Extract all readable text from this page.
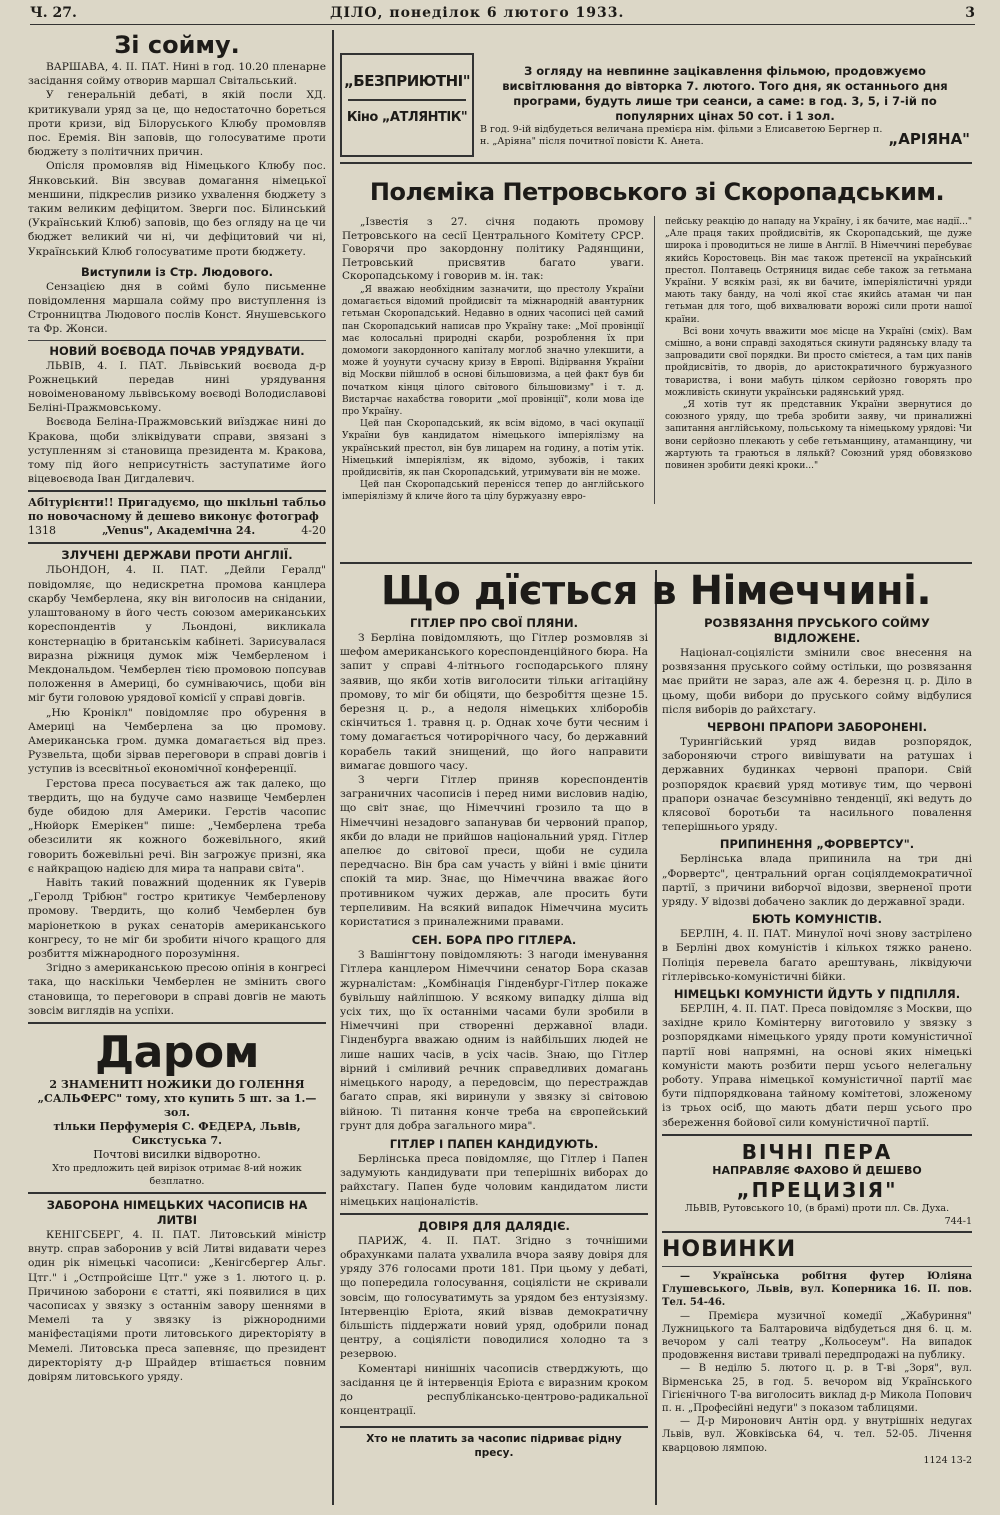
Ч. 27.	ДІЛО, понеділок 6 лютого 1933.	3

Зі сойму.

ВАРШАВА, 4. II. ПАТ. Нині в год. 10.20 пленарне засідання сойму отворив маршал Світальський.

У генеральній дебаті, в якій посли ХД. критикували уряд за це, що недостаточно бореться проти кризи, від Білоруського Клюбу промовляв пос. Еремія. Він заповів, що голосуватиме проти бюджету з політичних причин.

Опісля промовляв від Німецького Клюбу пос. Янковський. Він звсував домагання німецької меншини, підкреслив ризико ухвалення бюджету з таким великим дефіцитом. Зверги пос. Білинський (Український Клюб) заповів, що без огляду на це чи бюджет великий чи ні, чи дефіцитовий чи ні, Український Клюб голосуватиме проти бюджету.

Виступили із Стр. Людового.

Сензацією дня в соймі було письменне повідомлення маршала сойму про виступлення із Стронництва Людового послів Конст. Янушевського та Фр. Жонси.

НОВИЙ ВОЄВОДА ПОЧАВ УРЯДУВАТИ.

ЛЬВІВ, 4. І. ПАТ. Львівський воєвода д-р Рожнецький передав нині урядування новоіменованому львівському воєводі Володиславові Беліні-Пражмовському.

Воєвода Беліна-Пражмовський виїзджає нині до Кракова, щоби зліквідувати справи, звязані з уступленням зі становища президента м. Кракова, тому під його неприсутність заступатиме його віцевоєвода Іван Дигдалевич.

Абітурієнти!! Пригадуємо, що шкільні табльо по новочасному й дешево виконує фотограф
1318	„Venus", Академічна 24.	4-20

ЗЛУЧЕНІ ДЕРЖАВИ ПРОТИ АНГЛІЇ.

ЛЬОНДОН, 4. II. ПАТ. „Дейли Гералд" повідомляє, що недискретна промова канцлера скарбу Чемберлена, яку він виголосив на снідании, улаштованому в його честь союзом американських кореспондентів у Льондоні, викликала констернацію в британськім кабінеті. Зарисувалася виразна ріжниця думок між Чемберленом і Мекдональдом. Чемберлен тією промовою попсував положення в Америці, бо сумніваючись, щоби він міг бути головою урядової комісії у справі довгів.

„Ню Кронікл" повідомляє про обурення в Америці на Чемберлена за цю промову. Американська гром. думка домагається від през. Рузвельта, щоби зірвав переговори в справі довгів і уступив із всесвітньої економічної конференції.

Герстова преса посувається аж так далеко, що твердить, що на будуче само назвище Чемберлен буде обидою для Америки. Герстів часопис „Нюйорк Емерікен" пише: „Чемберлена треба обезсилити як кожного божевільного, який говорить божевільні речі. Він загрожує призні, яка є найкращою надією для мира та направи світа".

Навіть такий поважний щоденник як Гуверів „Геролд Трібюн" гостро критикує Чемберленову промову. Твердить, що колиб Чемберлен був маріонеткою в руках сенаторів американського конгресу, то не міг би зробити нічого кращого для розбиття міжнародного порозуміння.

Згідно з американською пресою опінія в конгресі така, що наскільки Чемберлен не змінить свого становища, то переговори в справі довгів не мають зовсім виглядів на успіхи.

Даром

2 ЗНАМЕНИТІ НОЖИКИ ДО ГОЛЕННЯ

„САЛЬФЕРС" тому, хто купить 5 шт. за 1.— зол.

тільки Перфумерія С. ФЕДЕРА, Львів,

Сикстуська 7.

Почтові висилки відворотно.

Хто предложить цей вирізок отримає 8-ий ножик безплатно.

ЗАБОРОНА НІМЕЦЬКИХ ЧАСОПИСІВ НА ЛИТВІ

КЕНІГСБЕРГ, 4. II. ПАТ. Литовський міністр внутр. справ заборонив у всій Литві видавати через один рік німецькі часописи: „Кенігсбергер Альг. Цтг." і „Остпройсіше Цтг." уже з 1. лютого ц. р. Причиною заборони є статті, які появилися в цих часописах у звязку з останнім завору шеннями в Мемелі та у звязку із ріжнородними маніфестаціями проти литовського директоріяту в Мемелі. Литовська преса запевняє, що президент директоріяту д-р Шрайдер втішається повним довірям литовського уряду.

„БЕЗПРИЮТНІ"
Кіно „АТЛЯНТІК"

З огляду на невпинне зацікавлення фільмою, продовжуємо висвітлювання до вівторка 7. лютого. Того дня, як останнього дня програми, будуть лише три сеанси, а саме: в год. 3, 5, і 7-ій по популярних цінах 50 сот. і 1 зол.

В год. 9-ій відбудеться величана премієра нім. фільми з Елисаветою Бергнер п. н. „Аріяна" після почитної повісти К. Анета.	„АРІЯНА"

Полєміка Петровського зі Скоропадським.

„Ізвестія з 27. січня подають промову Петровського на сесії Центрального Комітету СРСР. Говорячи про закордонну політику Радянщини, Петровський присвятив багато уваги. Скоропадському і говорив м. ін. так:

„Я вважаю необхідним зазначити, що престолу України домагається відомий пройдисвіт та міжнародній авантурник гетьман Скоропадський. Недавно в одних часописі цей самий пан Скоропадський написав про Україну таке: „Мої провінції має колосальні природні скарби, розроблення їх при домомоги закордонного капіталу моглоб значно улекшити, а може й уоунути сучасну кризу в Европі. Відірвання України від Москви пійшлоб в основі більшовизма, а цей факт був би початком кінця цілого світового більшовизму" і т. д. Вистарчає нахабства говорити „мої провінції", коли мова іде про Україну.

Цей пан Скоропадський, як всім відомо, в часі окупації України був кандидатом німецького імперіялізму на український престол, він був лицарем на годину, а потім утік. Німецький імперіялізм, як відомо, зубожів, і таких пройдисвітів, як пан Скоропадський, утримувати він не може.

Цей пан Скоропадський перенісся тепер до англійського імперіялізму й кличе його та цілу буржуазну евро-

пейську реакцію до нападу на Україну, і як бачите, має надії..." „Але праця таких пройдисвітів, як Скоропадський, ще дуже широка і проводиться не лише в Англії. В Німеччині перебуває якийсь Коростовець. Він має також претенсії на український престол. Полтавець Остряниця видає себе також за гетьмана України. У всякім разі, як ви бачите, імперіялістичні уряди мають таку банду, на чолі якої стає якийсь атаман чи пан гетьман для того, щоб вихвалювати ворожі сили проти нашої країни.

Всі вони хочуть вважити моє місце на Україні (сміх). Вам смішно, а вони справді заходяться скинути радянську владу та запровадити свої порядки. Ви просто смієтеся, а там цих панів пройдисвітів, то дворів, до аристократичного буржуазного товариства, і вони мабуть цілком серйозно говорять про можливість скинути українськи радянський уряд.

„Я хотів тут як представник України звернутися до союзного уряду, що треба зробити заяву, чи приналижні запитання англійському, польському та німецькому урядові: Чи вони серйозно плекають у себе гетьманщину, атаманщину, чи жартують та граються в лялькй? Союзний уряд обовязково повинен зробити деякі кроки..."

Що дїється в Німеччині.

ГІТЛЕР ПРО СВОЇ ПЛЯНИ.

З Берліна повідомляють, що Гітлер розмовляв зі шефом американського кореспонденційного бюра. На запит у справі 4-літнього господарського пляну заявив, що якби хотів виголосити тільки агітаційну промову, то міг би обіцяти, що безробіття щезне 15. березня ц. р., а недоля німецьких хліборобів скінчиться 1. травня ц. р. Однак хоче бути чесним і тому домагається чотирорічного часу, бо державний корабель такий знищений, що його направити вимагає довшого часу.

З черги Гітлер приняв кореспондентів заграничних часописів і перед ними висловив надію, що світ знає, що Німеччині грозило та що в Німеччині незадовго запанував би червоний прапор, якби до влади не прийшов національний уряд. Гітлер апелює до світової преси, щоби не судила передчасно. Він бра сам участь у війні і вміє цінити спокій та мир. Знає, що Німеччина вважає його противником чужих держав, але просить бути терпеливим. На всякий випадок Німеччина мусить користатися з приналежними правами.

СЕН. БОРА ПРО ГІТЛЕРА.

З Вашінгтону повідомляють: З нагоди іменування Гітлера канцлером Німеччини сенатор Бора сказав журналістам: „Комбінація Гінденбург-Гітлер покаже бувільшу найліпшою. У всякому випадку ділша від усіх тих, що їх останніми часами були зробили в Німеччині при створенні державної влади. Гінденбурга вважаю одним із найбільших людей не лише наших часів, в усіх часів. Знаю, що Гітлер вірний і сміливий речник справедливих домагань німецького народу, а передовсім, що перестраждав багато справ, які виринули у звязку зі світовою війною. Ті питання конче треба на європейський грунт для добра загального мира".

ГІТЛЕР І ПАПЕН КАНДИДУЮТЬ.

Берлінська преса повідомляє, що Гітлер і Папен задумують кандидувати при теперішніх виборах до райхстагу. Папен буде чоловим кандидатом листи німецьких націоналістів.

ДОВІРЯ ДЛЯ ДАЛЯДІЄ.

ПАРИЖ, 4. II. ПАТ. Згідно з точнішими обрахунками палата ухвалила вчора заяву довіря для уряду 376 голосами проти 181. При цьому у дебаті, що попередила голосування, соціялісти не скривали зовсім, що голосуватимуть за урядом без ентузіязму. Інтервенцію Еріота, який візвав демократичну більшість піддержати новий уряд, одобрили понад центру, а соціялісти поводилися холодно та з резервою.

Коментарі нинішніх часописів стверджують, що засідання це й інтервенція Еріота є виразним кроком до республіканськo-центрово-радикальної концентрації.

Хто не платить за часопис підриває рідну

пресу.

РОЗВЯЗАННЯ ПРУСЬКОГО СОЙМУ ВІДЛОЖЕНЕ.

Націонал-соціялісти змінили своє внесення на розвязання пруського сойму остільки, що розвязання має прийти не зараз, але аж 4. березня ц. р. Діло в цьому, щоби вибори до пруського сойму відбулися після виборів до райхстагу.

ЧЕРВОНІ ПРАПОРИ ЗАБОРОНЕНІ.

Турингійський уряд видав розпорядок, забороняючи строго вивішувати на ратушах і державних будинках червоні прапори. Свій розпорядок краєвий уряд мотивує тим, що червоні прапори означає безсумнівно тенденції, які ведуть до клясової боротьби та насильного повалення теперішнього уряду.

ПРИПИНЕННЯ „ФОРВЕРТСУ".

Берлінська влада припинила на три дні „Форвертс", центральний орган соціялдемократичної партії, з причини виборчої відозви, зверненої проти уряду. У відозві добачено заклик до державної зради.

БЮТЬ КОМУНІСТІВ.

БЕРЛІН, 4. II. ПАТ. Минулої ночі знову застрілено в Берліні двох комуністів і кількох тяжко ранено. Поліція перевела багато арештувань, ліквідуючи гітлерівсько-комуністичні бійки.

НІМЕЦЬКІ КОМУНІСТИ ЙДУТЬ У ПІДПІЛЛЯ.

БЕРЛІН, 4. II. ПАТ. Преса повідомляє з Москви, що західне крило Комінтерну виготовило у звязку з розпорядками німецького уряду проти комуністичної партії нові напрямні, на основі яких німецькі комуністи мають розбити перш усього нелегальну роботу. Управа німецької комуністичної партії має бути підпорядкована тайному комітетові, зложеному із трьох осіб, що мають дбати перш усього про збереження бойової сили комуністичної партії.

ВІЧНІ ПЕРА
НАПРАВЛЯЄ ФАХОВО Й ДЕШЕВО
„ПРЕЦИЗІЯ"
ЛЬВІВ, Рутовського 10, (в брамі) проти пл. Св. Духа.
744-1
НОВИНКИ

— Українська робітня футер Юліяна Глушевського, Львів, вул. Коперника 16. II. пов. Тел. 54-46.

— Премієра музичної комедії „Жабуриння" Лужницького та Балтаровича відбудеться дня 6. ц. м. вечором у салі театру „Кольосеум". На випадок продовження вистави тривалі передпродажі на публику.

— В неділю 5. лютого ц. р. в Т-ві „Зоря", вул. Вірменська 25, в год. 5. вечором від Українського Гігієнічного Т-ва виголосить виклад д-р Микола Попович п. н. „Професійні недуги" з показом таблицями.

— Д-р Миронович Антін орд. у внутрішніх недугах Львів, вул. Жовківська 64, ч. тел. 52-05. Лічення кварцовою лямпою.

1124 13-2
